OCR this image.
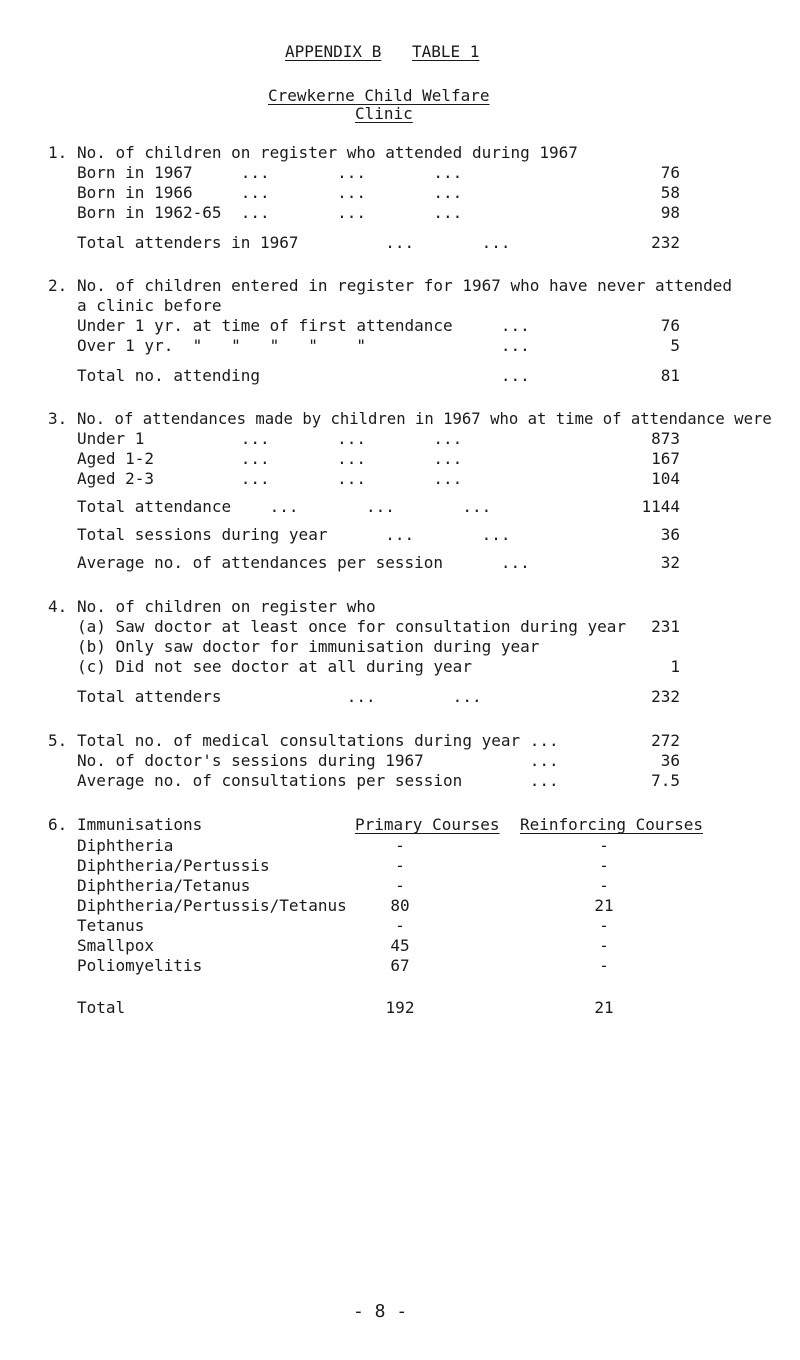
APPENDIX B TABLE 1
Crewkerne Child Welfare
Clinic
1. No. of children on register who attended during 1967
Born in 1967     ...       ...       ...	76
Born in 1966     ...       ...       ...	58
Born in 1962-65  ...       ...       ...	98
Total attenders in 1967         ...       ...	232
2. No. of children entered in register for 1967 who have never attended
a clinic before
Under 1 yr. at time of first attendance     ...	76
Over 1 yr.  "   "   "   "    "              ...	5
Total no. attending                         ...	81
3. No. of attendances made by children in 1967 who at time of attendance were
Under 1          ...       ...       ...	873
Aged 1-2         ...       ...       ...	167
Aged 2-3         ...       ...       ...	104
Total attendance    ...       ...       ...	1144
Total sessions during year      ...       ...	36
Average no. of attendances per session      ...	32
4. No. of children on register who
(a) Saw doctor at least once for consultation during year	231
(b) Only saw doctor for immunisation during year
(c) Did not see doctor at all during year	1
Total attenders             ...        ...	232
5. Total no. of medical consultations during year ...	272
No. of doctor's sessions during 1967           ...	36
Average no. of consultations per session       ...	7.5
6. Immunisations	Primary Courses Reinforcing Courses
Diphtheria	-	-
Diphtheria/Pertussis	-	-
Diphtheria/Tetanus	-	-
Diphtheria/Pertussis/Tetanus	80	21
Tetanus	-	-
Smallpox	45	-
Poliomyelitis	67	-
Total	192	21
- 8 -
